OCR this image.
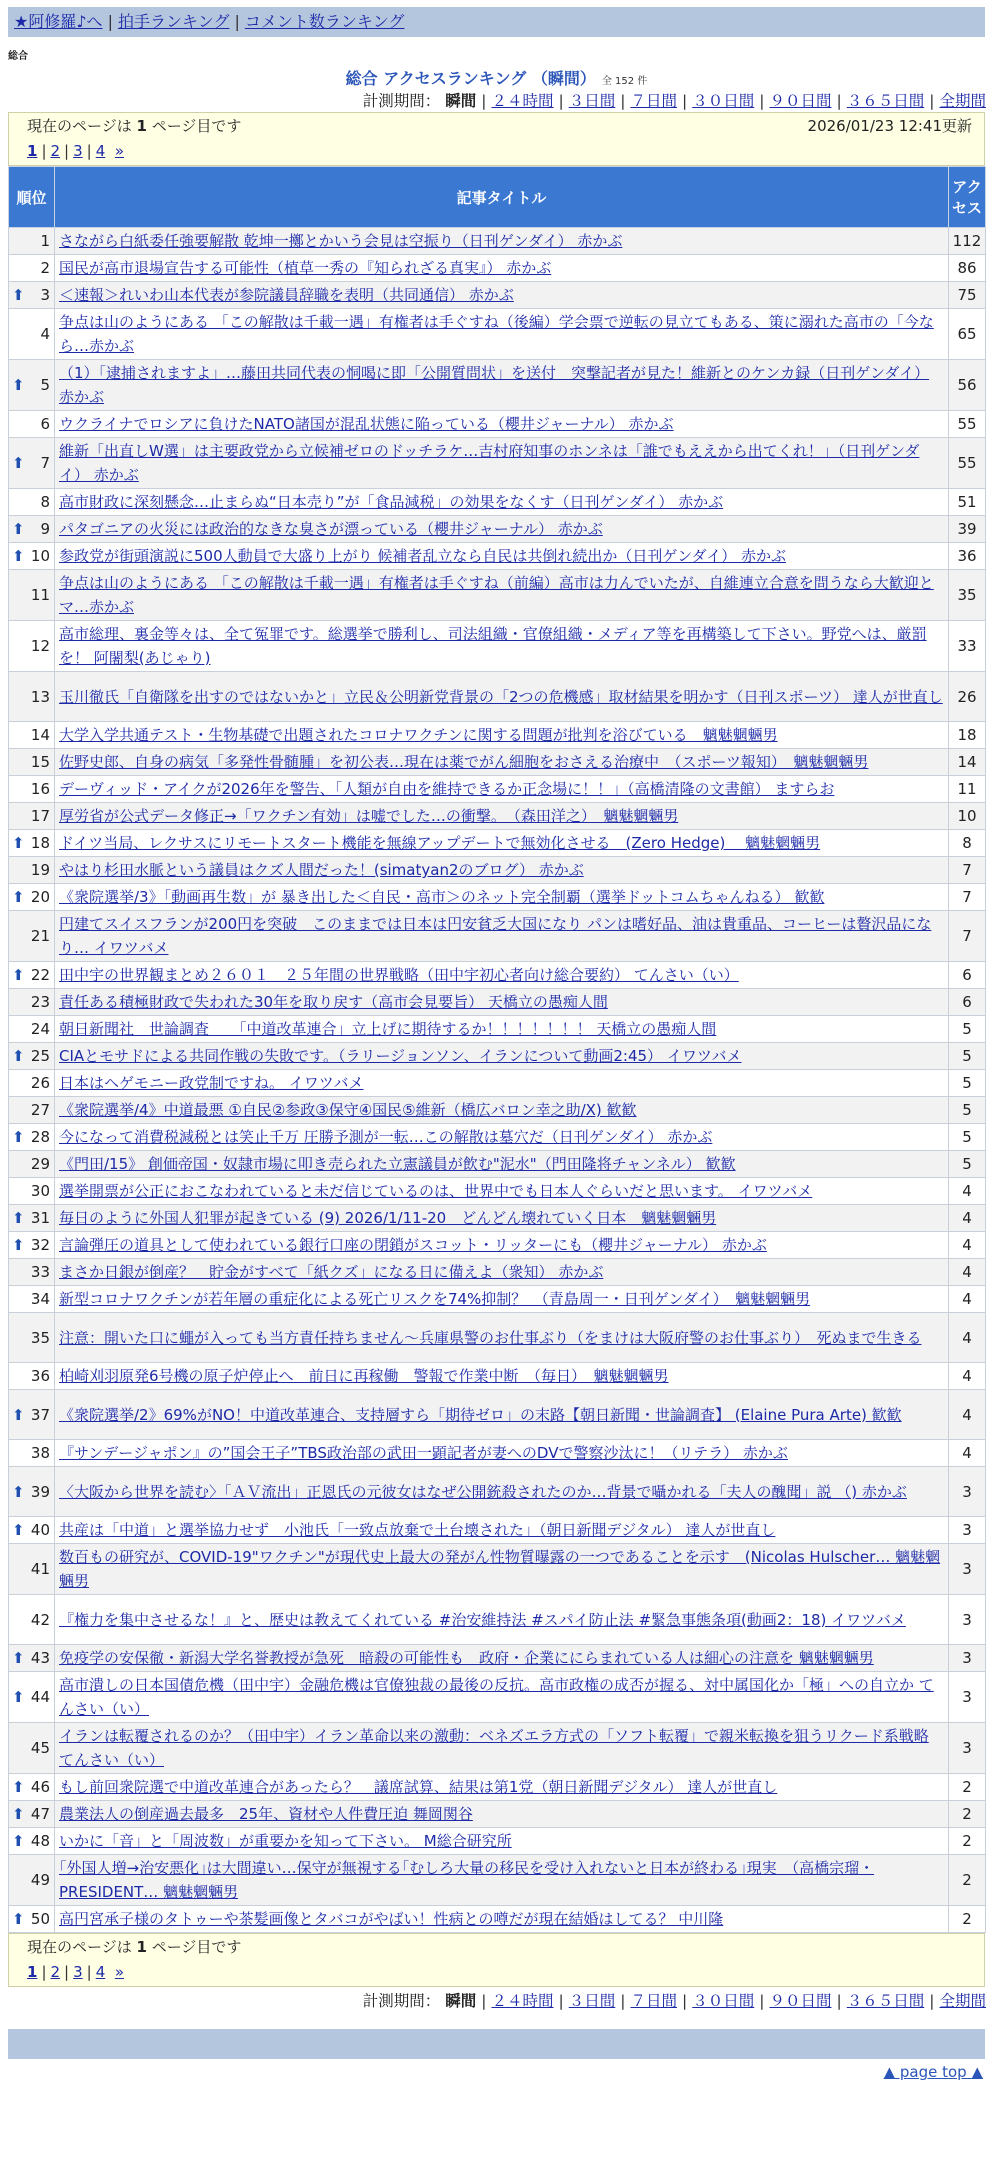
★阿修羅♪へ | 拍手ランキング | コメント数ランキング
総合
総合 アクセスランキング （瞬間） 全 152 件
計測期間： 瞬間 | ２４時間 | ３日間 | ７日間 | ３０日間 | ９０日間 | ３６５日間 | 全期間
現在のページは 1 ページ目です	2026/01/23 12:41更新
1 | 2 | 3 | 4 »
順位	記事タイトル	アクセス
1	さながら白紙委任強要解散 乾坤一擲とかいう会見は空振り（日刊ゲンダイ） 赤かぶ	112
2	国民が高市退場宣告する可能性（植草一秀の『知られざる真実』） 赤かぶ	86

⬆ 3	＜速報＞れいわ山本代表が参院議員辞職を表明（共同通信） 赤かぶ	75
4	争点は山のようにある 「この解散は千載一遇」有権者は手ぐすね（後編）学会票で逆転の見立てもある、策に溺れた高市の「今なら…赤かぶ	65

⬆ 5	（1）「逮捕されますよ」…藤田共同代表の恫喝に即「公開質問状」を送付　突撃記者が見た！維新とのケンカ録（日刊ゲンダイ） 赤かぶ	56
6	ウクライナでロシアに負けたNATO諸国が混乱状態に陥っている（櫻井ジャーナル） 赤かぶ	55

⬆ 7	維新「出直しW選」は主要政党から立候補ゼロのドッチラケ…吉村府知事のホンネは「誰でもええから出てくれ！」（日刊ゲンダイ） 赤かぶ	55
8	高市財政に深刻懸念…止まらぬ“日本売り”が「食品減税」の効果をなくす（日刊ゲンダイ） 赤かぶ	51

⬆ 9	パタゴニアの火災には政治的なきな臭さが漂っている（櫻井ジャーナル） 赤かぶ	39

⬆ 10	参政党が街頭演説に500人動員で大盛り上がり 候補者乱立なら自民は共倒れ続出か（日刊ゲンダイ） 赤かぶ	36
11	争点は山のようにある 「この解散は千載一遇」有権者は手ぐすね（前編）高市は力んでいたが、自維連立合意を問うなら大歓迎とマ…赤かぶ	35
12	高市総理、裏金等々は、全て冤罪です。総選挙で勝利し、司法組織・官僚組織・メディア等を再構築して下さい。野党へは、厳罰を！ 阿闍梨(あじゃり)	33
13	玉川徹氏「自衛隊を出すのではないかと」立民＆公明新党背景の「2つの危機感」取材結果を明かす（日刊スポーツ） 達人が世直し	26
14	大学入学共通テスト・生物基礎で出題されたコロナワクチンに関する問題が批判を浴びている　魑魅魍魎男	18
15	佐野史郎、自身の病気「多発性骨髄腫」を初公表…現在は薬でがん細胞をおさえる治療中　（スポーツ報知）　魑魅魍魎男	14
16	デーヴィッド・アイクが2026年を警告、「人類が自由を維持できるか正念場に！！」（高橋清隆の文書館） ますらお	11
17	厚労省が公式データ修正→「ワクチン有効」は嘘でした…の衝撃。　（森田洋之）　魑魅魍魎男	10

⬆ 18	ドイツ当局、レクサスにリモートスタート機能を無線アップデートで無効化させる　(Zero Hedge)　 魑魅魍魎男	8
19	やはり杉田水脈という議員はクズ人間だった！(simatyan2のブログ） 赤かぶ	7

⬆ 20	《衆院選挙/3》「動画再生数」が 暴き出した＜自民・高市＞のネット完全制覇（選挙ドットコムちゃんねる） 歓歓	7
21	円建てスイスフランが200円を突破　このままでは日本は円安貧乏大国になり パンは嗜好品、油は貴重品、コーヒーは贅沢品になり… イワツバメ	7

⬆ 22	田中宇の世界観まとめ２６０１　２５年間の世界戦略（田中宇初心者向け総合要約） てんさい（い）	6
23	責任ある積極財政で失われた30年を取り戻す（高市会見要旨） 天橋立の愚痴人間	6
24	朝日新聞社　世論調査　　「中道改革連合」立上げに期待するか！！！！！！！ 天橋立の愚痴人間	5

⬆ 25	CIAとモサドによる共同作戦の失敗です。（ラリージョンソン、イランについて動画2:45） イワツバメ	5
26	日本はヘゲモニー政党制ですね。 イワツバメ	5
27	《衆院選挙/4》中道最悪 ①自民②参政③保守④国民⑤維新（橋広バロン幸之助/X) 歓歓	5

⬆ 28	今になって消費税減税とは笑止千万 圧勝予測が一転…この解散は墓穴だ（日刊ゲンダイ） 赤かぶ	5
29	《門田/15》 創価帝国・奴隷市場に叩き売られた立憲議員が飲む"泥水"（門田隆将チャンネル） 歓歓	5
30	選挙開票が公正におこなわれていると未だ信じているのは、世界中でも日本人ぐらいだと思います。 イワツバメ	4

⬆ 31	毎日のように外国人犯罪が起きている (9) 2026/1/11-20　どんどん壊れていく日本　魑魅魍魎男	4

⬆ 32	言論弾圧の道具として使われている銀行口座の閉鎖がスコット・リッターにも（櫻井ジャーナル） 赤かぶ	4
33	まさか日銀が倒産？　貯金がすべて「紙クズ」になる日に備えよ（衆知） 赤かぶ	4
34	新型コロナワクチンが若年層の重症化による死亡リスクを74%抑制？　（青島周一・日刊ゲンダイ）　魑魅魍魎男	4
35	注意：開いた口に蠅が入っても当方責任持ちません～兵庫県警のお仕事ぶり（をまけは大阪府警のお仕事ぶり）　死ぬまで生きる	4
36	柏崎刈羽原発6号機の原子炉停止へ　前日に再稼働　警報で作業中断　（毎日）　魑魅魍魎男	4

⬆ 37	《衆院選挙/2》69%がNO！中道改革連合、支持層すら「期待ゼロ」の末路【朝日新聞・世論調査】 (Elaine Pura Arte) 歓歓	4
38	『サンデージャポン』の”国会王子”TBS政治部の武田一顕記者が妻へのDVで警察沙汰に！（リテラ） 赤かぶ	4

⬆ 39	〈大阪から世界を読む〉「ＡＶ流出」正恩氏の元彼女はなぜ公開銃殺されたのか…背景で囁かれる「夫人の醜聞」説 （) 赤かぶ	3

⬆ 40	共産は「中道」と選挙協力せず　小池氏「一致点放棄で土台壊された」（朝日新聞デジタル） 達人が世直し	3
41	数百もの研究が、COVID-19"ワクチン"が現代史上最大の発がん性物質曝露の一つであることを示す　(Nicolas Hulscher… 魑魅魍魎男	3
42	『権力を集中させるな！』と、歴史は教えてくれている #治安維持法 #スパイ防止法 #緊急事態条項(動画2：18) イワツバメ	3

⬆ 43	免疫学の安保徹・新潟大学名誉教授が急死　暗殺の可能性も　政府・企業ににらまれている人は細心の注意を 魑魅魍魎男	3

⬆ 44	高市潰しの日本国債危機（田中宇）金融危機は官僚独裁の最後の反抗。高市政権の成否が握る、対中属国化か「極」への自立か てんさい（い）	3
45	イランは転覆されるのか？（田中宇）イラン革命以来の激動：ベネズエラ方式の「ソフト転覆」で親米転換を狙うリクード系戦略 てんさい（い）	3

⬆ 46	もし前回衆院選で中道改革連合があったら？　議席試算、結果は第1党（朝日新聞デジタル） 達人が世直し	2

⬆ 47	農業法人の倒産過去最多　25年、資材や人件費圧迫 舞岡関谷	2

⬆ 48	いかに「音」と「周波数」が重要かを知って下さい。 M総合研究所	2
49	｢外国人増→治安悪化｣は大間違い…保守が無視する｢むしろ大量の移民を受け入れないと日本が終わる｣現実　（高橋宗瑠・PRESIDENT… 魑魅魍魎男	2

⬆ 50	高円宮承子様のタトゥーや茶髪画像とタバコがやばい！性病との噂だが現在結婚はしてる？ 中川隆	2
現在のページは 1 ページ目です
1 | 2 | 3 | 4 »
計測期間： 瞬間 | ２４時間 | ３日間 | ７日間 | ３０日間 | ９０日間 | ３６５日間 | 全期間
▲ page top ▲
